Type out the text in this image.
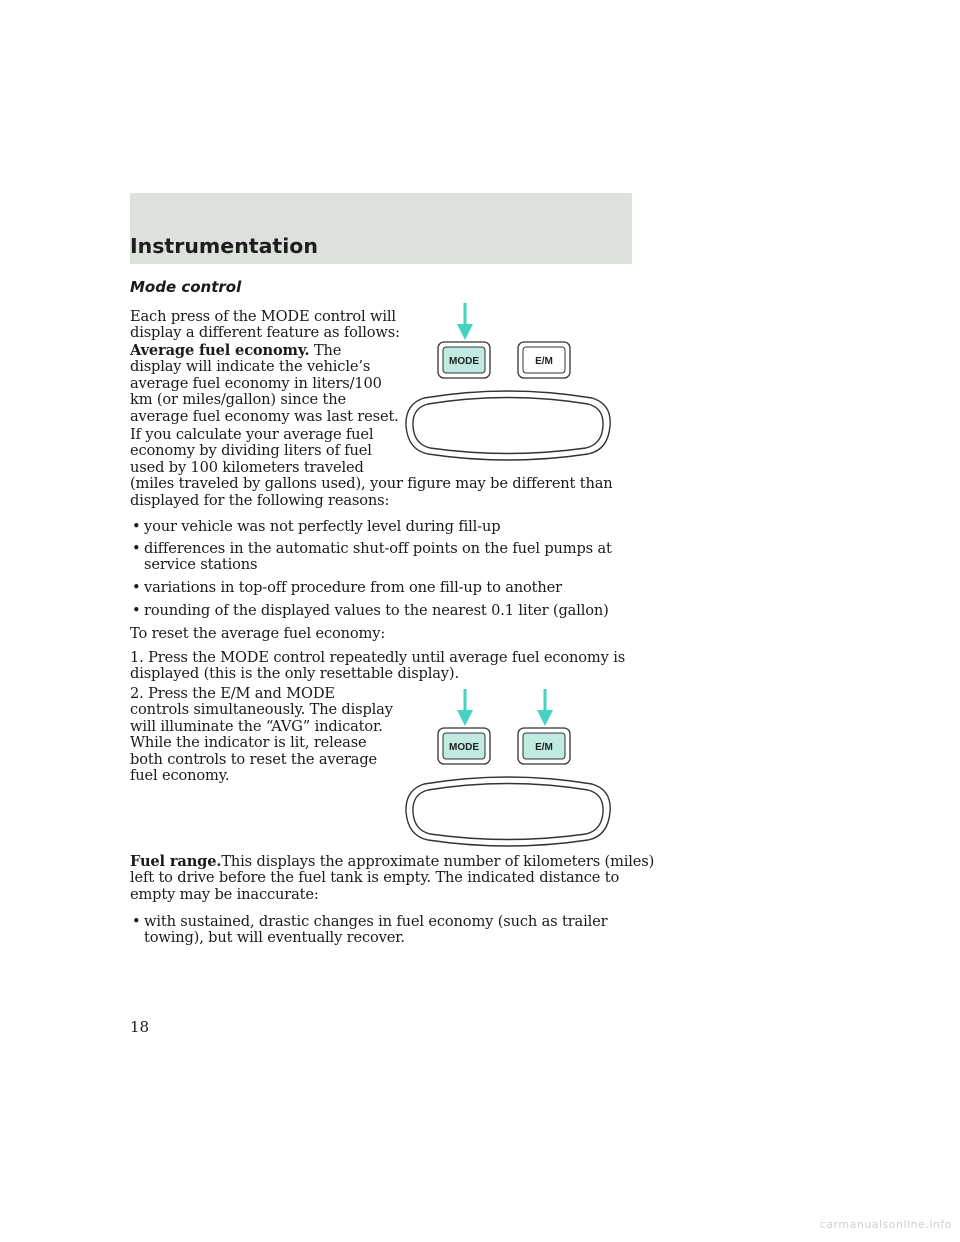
Instrumentation
Mode control

Each press of the MODE control will
display a different feature as follows:

Average fuel economy. The
display will indicate the vehicle’s
average fuel economy in liters/100
km (or miles/gallon) since the
average fuel economy was last reset.

If you calculate your average fuel
economy by dividing liters of fuel
used by 100 kilometers traveled
(miles traveled by gallons used), your figure may be different than
displayed for the following reasons:

• your vehicle was not perfectly level during fill-up
• differences in the automatic shut-off points on the fuel pumps at
service stations
• variations in top-off procedure from one fill-up to another
• rounding of the displayed values to the nearest 0.1 liter (gallon)

To reset the average fuel economy:

1. Press the MODE control repeatedly until average fuel economy is
displayed (this is the only resettable display).

2. Press the E/M and MODE
controls simultaneously. The display
will illuminate the “AVG” indicator.
While the indicator is lit, release
both controls to reset the average
fuel economy.

Fuel range.This displays the approximate number of kilometers (miles)
left to drive before the fuel tank is empty. The indicated distance to
empty may be inaccurate:

• with sustained, drastic changes in fuel economy (such as trailer
towing), but will eventually recover.
MODE	E/M
MODE	E/M

18

carmanualsonline.info
